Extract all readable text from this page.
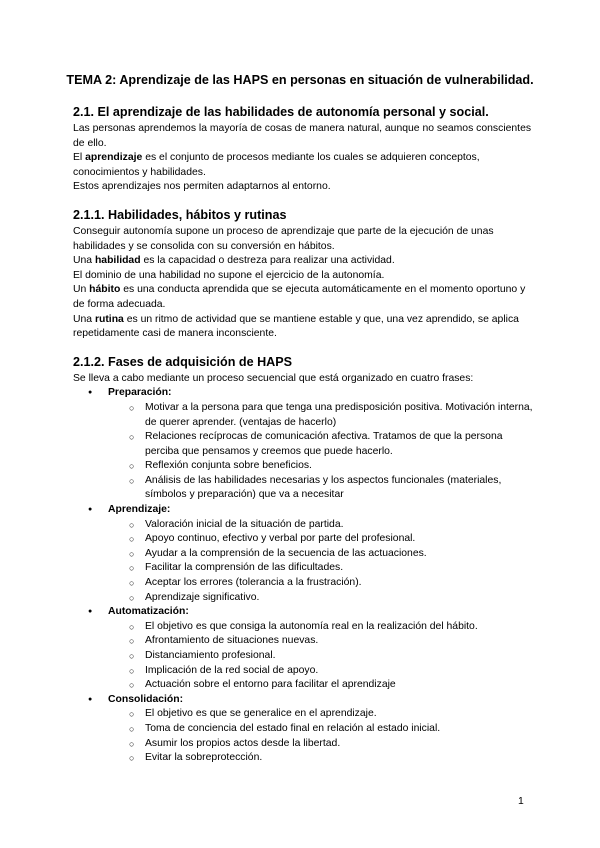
TEMA 2: Aprendizaje de las HAPS en personas en situación de vulnerabilidad.
2.1. El aprendizaje de las habilidades de autonomía personal y social.

Las personas aprendemos la mayoría de cosas de manera natural, aunque no seamos conscientes de ello.

El aprendizaje es el conjunto de procesos mediante los cuales se adquieren conceptos, conocimientos y habilidades.

Estos aprendizajes nos permiten adaptarnos al entorno.

2.1.1. Habilidades, hábitos y rutinas

Conseguir autonomía supone un proceso de aprendizaje que parte de la ejecución de unas habilidades y se consolida con su conversión en hábitos.

Una habilidad es la capacidad o destreza para realizar una actividad.

El dominio de una habilidad no supone el ejercicio de la autonomía.

Un hábito es una conducta aprendida que se ejecuta automáticamente en el momento oportuno y de forma adecuada.

Una rutina es un ritmo de actividad que se mantiene estable y que, una vez aprendido, se aplica repetidamente casi de manera inconsciente.

2.1.2. Fases de adquisición de HAPS

Se lleva a cabo mediante un proceso secuencial que está organizado en cuatro frases:

● Preparación:
○ Motivar a la persona para que tenga una predisposición positiva. Motivación interna, de querer aprender. (ventajas de hacerlo)
○ Relaciones recíprocas de comunicación afectiva. Tratamos de que la persona perciba que pensamos y creemos que puede hacerlo.
○ Reflexión conjunta sobre beneficios.
○ Análisis de las habilidades necesarias y los aspectos funcionales (materiales, símbolos y preparación) que va a necesitar
● Aprendizaje:
○ Valoración inicial de la situación de partida.
○ Apoyo continuo, efectivo y verbal por parte del profesional.
○ Ayudar a la comprensión de la secuencia de las actuaciones.
○ Facilitar la comprensión de las dificultades.
○ Aceptar los errores (tolerancia a la frustración).
○ Aprendizaje significativo.
● Automatización:
○ El objetivo es que consiga la autonomía real en la realización del hábito.
○ Afrontamiento de situaciones nuevas.
○ Distanciamiento profesional.
○ Implicación de la red social de apoyo.
○ Actuación sobre el entorno para facilitar el aprendizaje
● Consolidación:
○ El objetivo es que se generalice en el aprendizaje.
○ Toma de conciencia del estado final en relación al estado inicial.
○ Asumir los propios actos desde la libertad.
○ Evitar la sobreprotección.
1
